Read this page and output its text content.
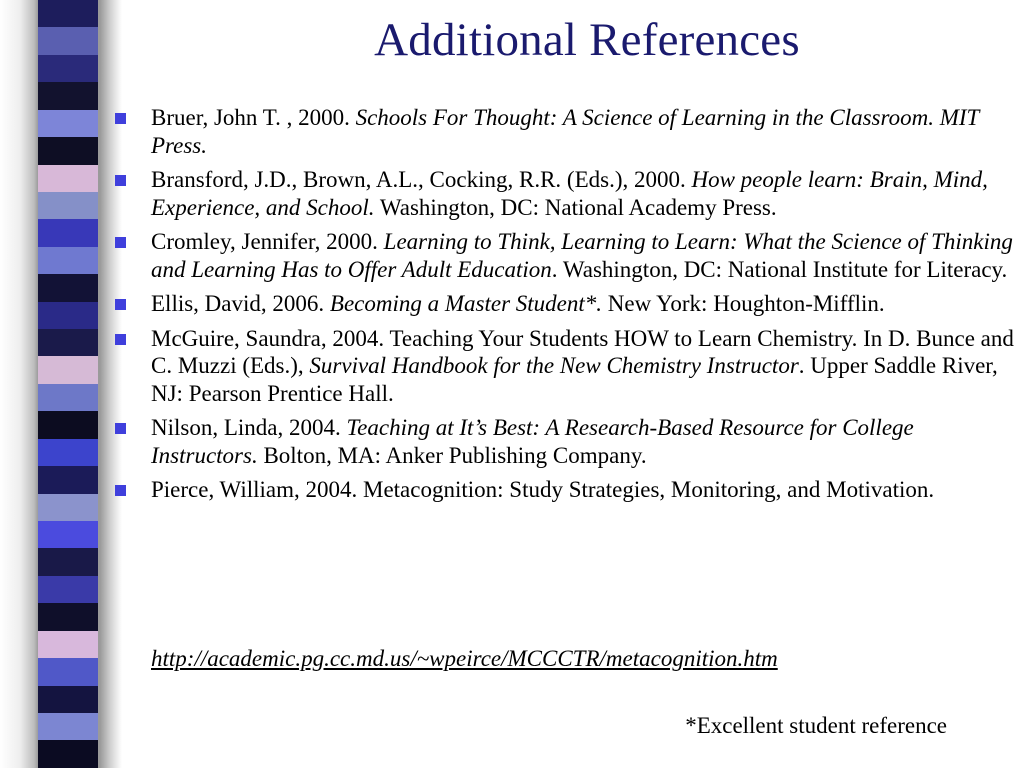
Additional References
Bruer, John T. , 2000. Schools For Thought: A Science of Learning in the Classroom. MIT Press.
Bransford, J.D., Brown, A.L., Cocking, R.R. (Eds.), 2000. How people learn: Brain, Mind, Experience, and School. Washington, DC: National Academy Press.
Cromley, Jennifer, 2000. Learning to Think, Learning to Learn: What the Science of Thinking and Learning Has to Offer Adult Education. Washington, DC: National Institute for Literacy.
Ellis, David, 2006. Becoming a Master Student*. New York: Houghton-Mifflin.
McGuire, Saundra, 2004. Teaching Your Students HOW to Learn Chemistry. In D. Bunce and C. Muzzi (Eds.), Survival Handbook for the New Chemistry Instructor. Upper Saddle River, NJ: Pearson Prentice Hall.
Nilson, Linda, 2004. Teaching at It’s Best: A Research-Based Resource for College Instructors. Bolton, MA: Anker Publishing Company.
Pierce, William, 2004. Metacognition: Study Strategies, Monitoring, and Motivation.
http://academic.pg.cc.md.us/~wpeirce/MCCCTR/metacognition.htm
*Excellent student reference
